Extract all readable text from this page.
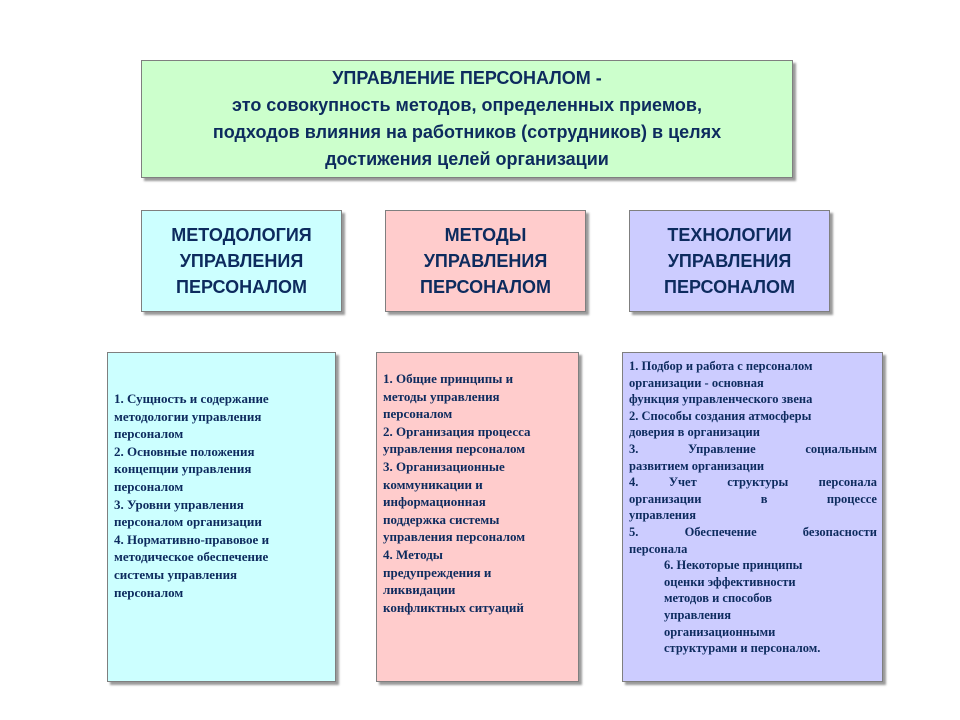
УПРАВЛЕНИЕ ПЕРСОНАЛОМ -
это совокупность методов, определенных приемов,
подходов влияния на работников (сотрудников) в целях
достижения целей организации
МЕТОДОЛОГИЯ
УПРАВЛЕНИЯ
ПЕРСОНАЛОМ
МЕТОДЫ
УПРАВЛЕНИЯ
ПЕРСОНАЛОМ
ТЕХНОЛОГИИ
УПРАВЛЕНИЯ
ПЕРСОНАЛОМ
1. Сущность и содержание
методологии управления
персоналом
2. Основные положения
концепции управления
персоналом
3. Уровни управления
персоналом организации
4. Нормативно-правовое и
методическое обеспечение
системы управления
персоналом
1. Общие принципы и
методы управления
персоналом
2. Организация процесса
управления персоналом
3. Организационные
коммуникации и
информационная
поддержка системы
управления персоналом
4. Методы
предупреждения и
ликвидации
конфликтных ситуаций
1. Подбор и работа с персоналом
организации - основная
функция управленческого звена
2. Способы создания атмосферы
доверия в организации
3. Управление социальным
развитием организации
4. Учет структуры персонала
организации в процессе
управления
5. Обеспечение безопасности
персонала
6. Некоторые принципы
оценки эффективности
методов и способов
управления
организационными
структурами и персоналом.
